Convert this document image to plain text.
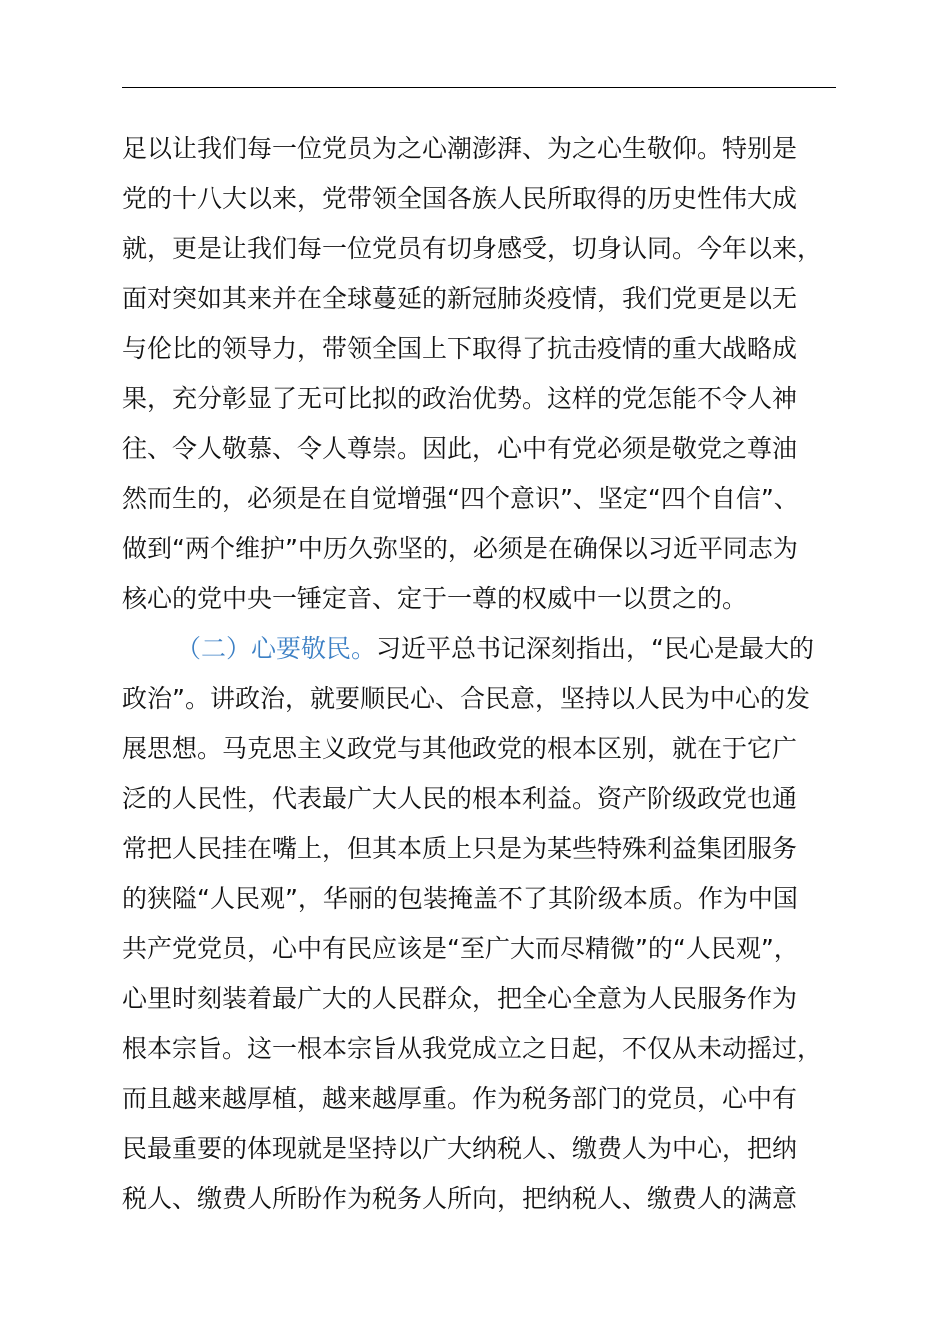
足以让我们每一位党员为之心潮澎湃、为之心生敬仰。特别是
党的十八大以来，党带领全国各族人民所取得的历史性伟大成
就，更是让我们每一位党员有切身感受，切身认同。今年以来，
面对突如其来并在全球蔓延的新冠肺炎疫情，我们党更是以无
与伦比的领导力，带领全国上下取得了抗击疫情的重大战略成
果，充分彰显了无可比拟的政治优势。这样的党怎能不令人神
往、令人敬慕、令人尊崇。因此，心中有党必须是敬党之尊油
然而生的，必须是在自觉增强“四个意识”、坚定“四个自信”、
做到“两个维护”中历久弥坚的，必须是在确保以习近平同志为
核心的党中央一锤定音、定于一尊的权威中一以贯之的。
（二）心要敬民。习近平总书记深刻指出，“民心是最大的
政治”。讲政治，就要顺民心、合民意，坚持以人民为中心的发
展思想。马克思主义政党与其他政党的根本区别，就在于它广
泛的人民性，代表最广大人民的根本利益。资产阶级政党也通
常把人民挂在嘴上，但其本质上只是为某些特殊利益集团服务
的狭隘“人民观”，华丽的包装掩盖不了其阶级本质。作为中国
共产党党员，心中有民应该是“至广大而尽精微”的“人民观”，
心里时刻装着最广大的人民群众，把全心全意为人民服务作为
根本宗旨。这一根本宗旨从我党成立之日起，不仅从未动摇过，
而且越来越厚植，越来越厚重。作为税务部门的党员，心中有
民最重要的体现就是坚持以广大纳税人、缴费人为中心，把纳
税人、缴费人所盼作为税务人所向，把纳税人、缴费人的满意
